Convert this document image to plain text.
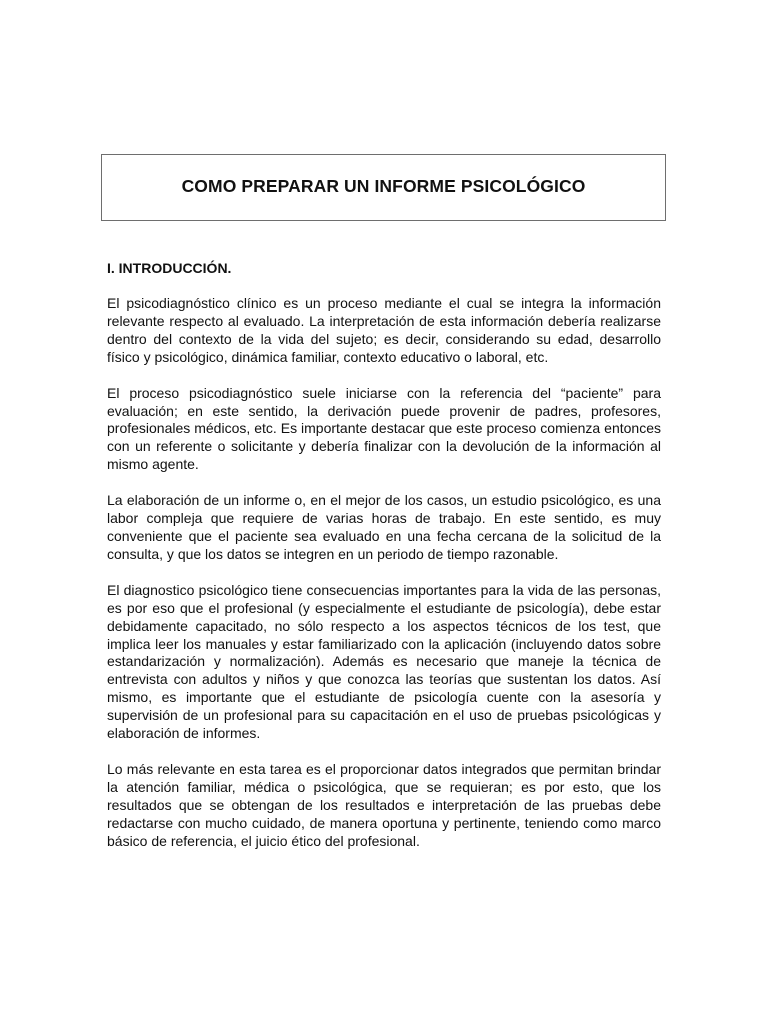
COMO PREPARAR UN INFORME PSICOLÓGICO
I. INTRODUCCIÓN.

El psicodiagnóstico clínico es un proceso mediante el cual se integra la información relevante respecto al evaluado. La interpretación de esta información debería realizarse dentro del contexto de la vida del sujeto; es decir, considerando su edad, desarrollo físico y psicológico, dinámica familiar, contexto educativo o laboral, etc.

El proceso psicodiagnóstico suele iniciarse con la referencia del “paciente” para evaluación; en este sentido, la derivación puede provenir de padres, profesores, profesionales médicos, etc. Es importante destacar que este proceso comienza entonces con un referente o solicitante y debería finalizar con la devolución de la información al mismo agente.

La elaboración de un informe o, en el mejor de los casos, un estudio psicológico, es una labor compleja que requiere de varias horas de trabajo. En este sentido, es muy conveniente que el paciente sea evaluado en una fecha cercana de la solicitud de la consulta, y que los datos se integren en un periodo de tiempo razonable.

El diagnostico psicológico tiene consecuencias importantes para la vida de las personas, es por eso que el profesional (y especialmente el estudiante de psicología), debe estar debidamente capacitado, no sólo respecto a los aspectos técnicos de los test, que implica leer los manuales y estar familiarizado con la aplicación (incluyendo datos sobre estandarización y normalización). Además es necesario que maneje la técnica de entrevista con adultos y niños y que conozca las teorías que sustentan los datos. Así mismo, es importante que el estudiante de psicología cuente con la asesoría y supervisión de un profesional para su capacitación en el uso de pruebas psicológicas y elaboración de informes.

Lo más relevante en esta tarea es el proporcionar datos integrados que permitan brindar la atención familiar, médica o psicológica, que se requieran; es por esto, que los resultados que se obtengan de los resultados e interpretación de las pruebas debe redactarse con mucho cuidado, de manera oportuna y pertinente, teniendo como marco básico de referencia, el juicio ético del profesional.
